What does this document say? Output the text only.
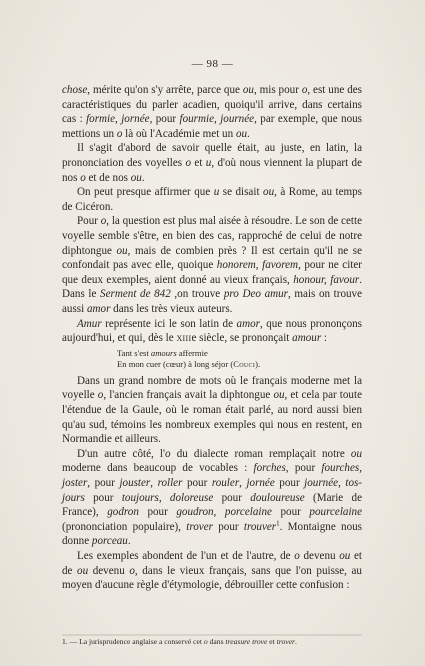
— 98 —

chose, mérite qu'on s'y arrête, parce que ou, mis pour o, est une des caractéristiques du parler acadien, quoiqu'il arrive, dans certains cas : formie, jornée, pour fourmie, journée, par exemple, que nous mettions un o là où l'Académie met un ou.

Il s'agit d'abord de savoir quelle était, au juste, en latin, la prononciation des voyelles o et u, d'où nous viennent la plupart de nos o et de nos ou.

On peut presque affirmer que u se disait ou, à Rome, au temps de Cicéron.

Pour o, la question est plus mal aisée à résoudre. Le son de cette voyelle semble s'être, en bien des cas, rapproché de celui de notre diphtongue ou, mais de combien près ? Il est certain qu'il ne se confondait pas avec elle, quoique honorem, favorem, pour ne citer que deux exemples, aient donné au vieux français, honour, favour. Dans le Serment de 842 ,on trouve pro Deo amur, mais on trouve aussi amor dans les très vieux auteurs.

Amur représente ici le son latin de amor, que nous prononçons aujourd'hui, et qui, dès le xiiie siècle, se prononçait amour :

Tant s'est amours affermie
En mon cuer (cœur) à long séjor (Couci).

Dans un grand nombre de mots où le français moderne met la voyelle o, l'ancien français avait la diphtongue ou, et cela par toute l'étendue de la Gaule, où le roman était parlé, au nord aussi bien qu'au sud, témoins les nombreux exemples qui nous en restent, en Normandie et ailleurs.

D'un autre côté, l'o du dialecte roman remplaçait notre ou moderne dans beaucoup de vocables : forches, pour fourches, joster, pour jouster, roller pour rouler, jornée pour journée, tos-jours pour toujours, doloreuse pour douloureuse (Marie de France), godron pour goudron, porcelaine pour pourcelaine (prononciation populaire), trover pour trouver$^1$. Montaigne nous donne porceau.

Les exemples abondent de l'un et de l'autre, de o devenu ou et de ou devenu o, dans le vieux français, sans que l'on puisse, au moyen d'aucune règle d'étymologie, débrouiller cette confusion :

1. — La jurisprudence anglaise a conservé cet o dans treasure trove et trover.
